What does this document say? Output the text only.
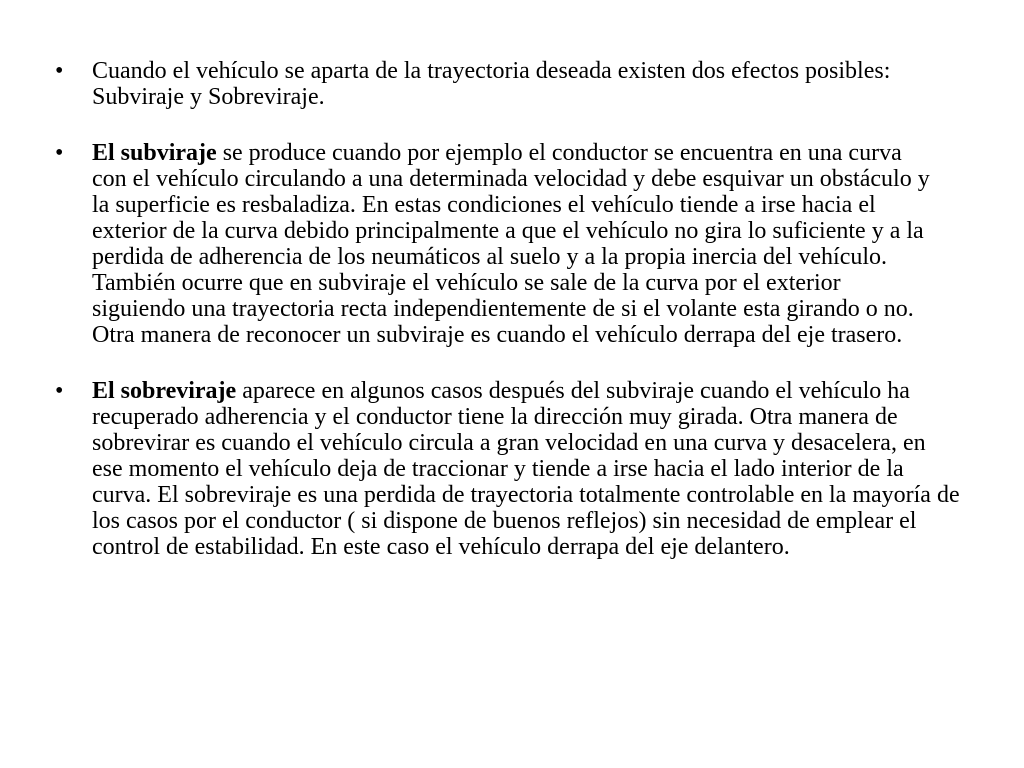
•	Cuando el vehículo se aparta de la trayectoria deseada existen dos efectos posibles: Subviraje y Sobreviraje.
•	El subviraje se produce cuando por ejemplo el conductor se encuentra en una curva con el vehículo circulando a una determinada velocidad y debe esquivar un obstáculo y la superficie es resbaladiza. En estas condiciones el vehículo tiende a irse hacia el exterior de la curva debido principalmente a que el vehículo no gira lo suficiente y a la perdida de adherencia de los neumáticos al suelo y a la propia inercia del vehículo. También ocurre que en subviraje el vehículo se sale de la curva por el exterior siguiendo una trayectoria recta independientemente de si el volante esta girando o no. Otra manera de reconocer un subviraje es cuando el vehículo derrapa del eje trasero.
•	El sobreviraje aparece en algunos casos después del subviraje cuando el vehículo ha recuperado adherencia y el conductor tiene la dirección muy girada. Otra manera de sobrevirar es cuando el vehículo circula a gran velocidad en una curva y desacelera, en ese momento el vehículo deja de traccionar y tiende a irse hacia el lado interior de la curva. El sobreviraje es una perdida de trayectoria totalmente controlable en la mayoría de los casos por el conductor ( si dispone de buenos reflejos) sin necesidad de emplear el control de estabilidad. En este caso el vehículo derrapa del eje delantero.
